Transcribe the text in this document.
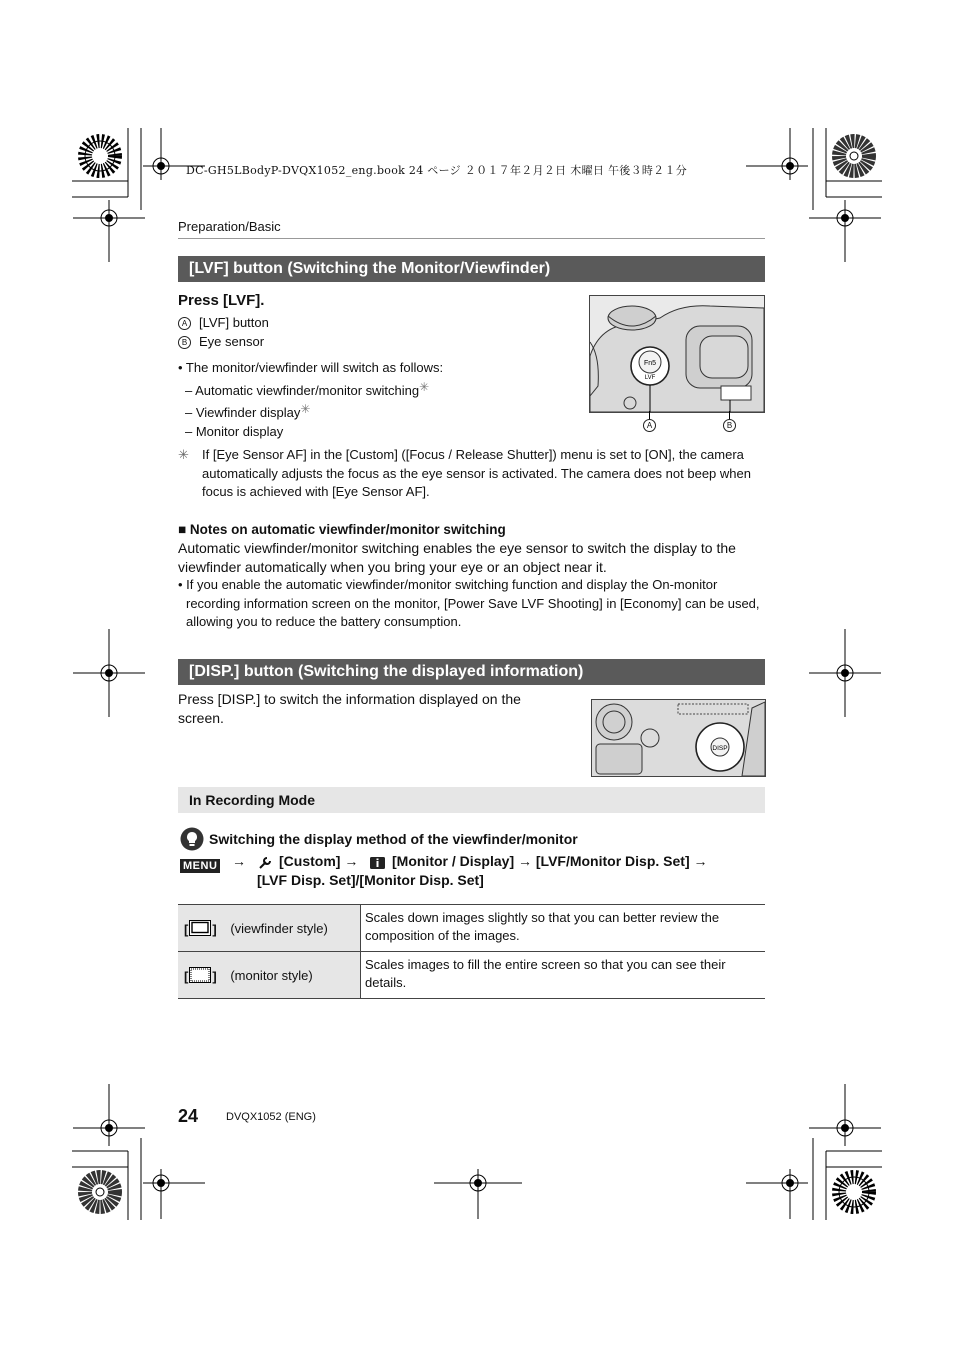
DC-GH5LBodyP-DVQX1052_eng.book 24 ページ ２０１７年２月２日 木曜日 午後３時２１分
Preparation/Basic
[LVF] button (Switching the Monitor/Viewfinder)
Press [LVF].
A [LVF] button
B Eye sensor
• The monitor/viewfinder will switch as follows:
– Automatic viewfinder/monitor switching✳
– Viewfinder display✳
– Monitor display
Fn5
LVF
A	B
✳ If [Eye Sensor AF] in the [Custom] ([Focus / Release Shutter]) menu is set to [ON], the camera automatically adjusts the focus as the eye sensor is activated. The camera does not beep when focus is achieved with [Eye Sensor AF].
■ Notes on automatic viewfinder/monitor switching
Automatic viewfinder/monitor switching enables the eye sensor to switch the display to the viewfinder automatically when you bring your eye or an object near it.
• If you enable the automatic viewfinder/monitor switching function and display the On-monitor recording information screen on the monitor, [Power Save LVF Shooting] in [Economy] can be used, allowing you to reduce the battery consumption.
[DISP.] button (Switching the displayed information)
Press [DISP.] to switch the information displayed on the screen.
DISP
In Recording Mode
Switching the display method of the viewfinder/monitor
MENU → [Custom] → [Monitor / Display] → [LVF/Monitor Disp. Set] →
[LVF Disp. Set]/[Monitor Disp. Set]
[ ] (viewfinder style)	Scales down images slightly so that you can better review the composition of the images.
[ ] (monitor style)	Scales images to fill the entire screen so that you can see their details.
24	DVQX1052 (ENG)
